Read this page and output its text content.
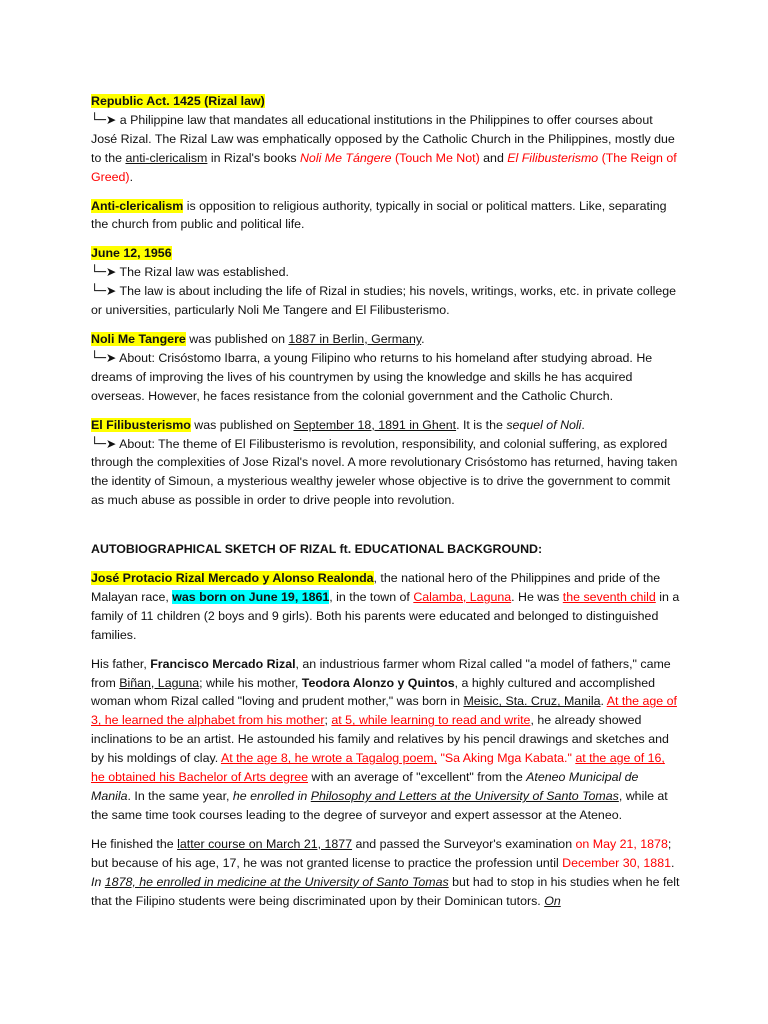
Republic Act. 1425 (Rizal law)
└─➤ a Philippine law that mandates all educational institutions in the Philippines to offer courses about José Rizal. The Rizal Law was emphatically opposed by the Catholic Church in the Philippines, mostly due to the anti-clericalism in Rizal's books Noli Me Tángere (Touch Me Not) and El Filibusterismo (The Reign of Greed).

Anti-clericalism is opposition to religious authority, typically in social or political matters. Like, separating the church from public and political life.

June 12, 1956
└─➤ The Rizal law was established.
└─➤ The law is about including the life of Rizal in studies; his novels, writings, works, etc. in private college or universities, particularly Noli Me Tangere and El Filibusterismo.

Noli Me Tangere was published on 1887 in Berlin, Germany.
└─➤ About: Crisóstomo Ibarra, a young Filipino who returns to his homeland after studying abroad. He dreams of improving the lives of his countrymen by using the knowledge and skills he has acquired overseas. However, he faces resistance from the colonial government and the Catholic Church.

El Filibusterismo was published on September 18, 1891 in Ghent. It is the sequel of Noli.
└─➤ About: The theme of El Filibusterismo is revolution, responsibility, and colonial suffering, as explored through the complexities of Jose Rizal's novel. A more revolutionary Crisóstomo has returned, having taken the identity of Simoun, a mysterious wealthy jeweler whose objective is to drive the government to commit as much abuse as possible in order to drive people into revolution.

AUTOBIOGRAPHICAL SKETCH OF RIZAL ft. EDUCATIONAL BACKGROUND:

José Protacio Rizal Mercado y Alonso Realonda, the national hero of the Philippines and pride of the Malayan race, was born on June 19, 1861, in the town of Calamba, Laguna. He was the seventh child in a family of 11 children (2 boys and 9 girls). Both his parents were educated and belonged to distinguished families.

His father, Francisco Mercado Rizal, an industrious farmer whom Rizal called "a model of fathers," came from Biñan, Laguna; while his mother, Teodora Alonzo y Quintos, a highly cultured and accomplished woman whom Rizal called "loving and prudent mother," was born in Meisic, Sta. Cruz, Manila. At the age of 3, he learned the alphabet from his mother; at 5, while learning to read and write, he already showed inclinations to be an artist. He astounded his family and relatives by his pencil drawings and sketches and by his moldings of clay. At the age 8, he wrote a Tagalog poem, "Sa Aking Mga Kabata." at the age of 16, he obtained his Bachelor of Arts degree with an average of "excellent" from the Ateneo Municipal de Manila. In the same year, he enrolled in Philosophy and Letters at the University of Santo Tomas, while at the same time took courses leading to the degree of surveyor and expert assessor at the Ateneo.

He finished the latter course on March 21, 1877 and passed the Surveyor's examination on May 21, 1878; but because of his age, 17, he was not granted license to practice the profession until December 30, 1881. In 1878, he enrolled in medicine at the University of Santo Tomas but had to stop in his studies when he felt that the Filipino students were being discriminated upon by their Dominican tutors. On
